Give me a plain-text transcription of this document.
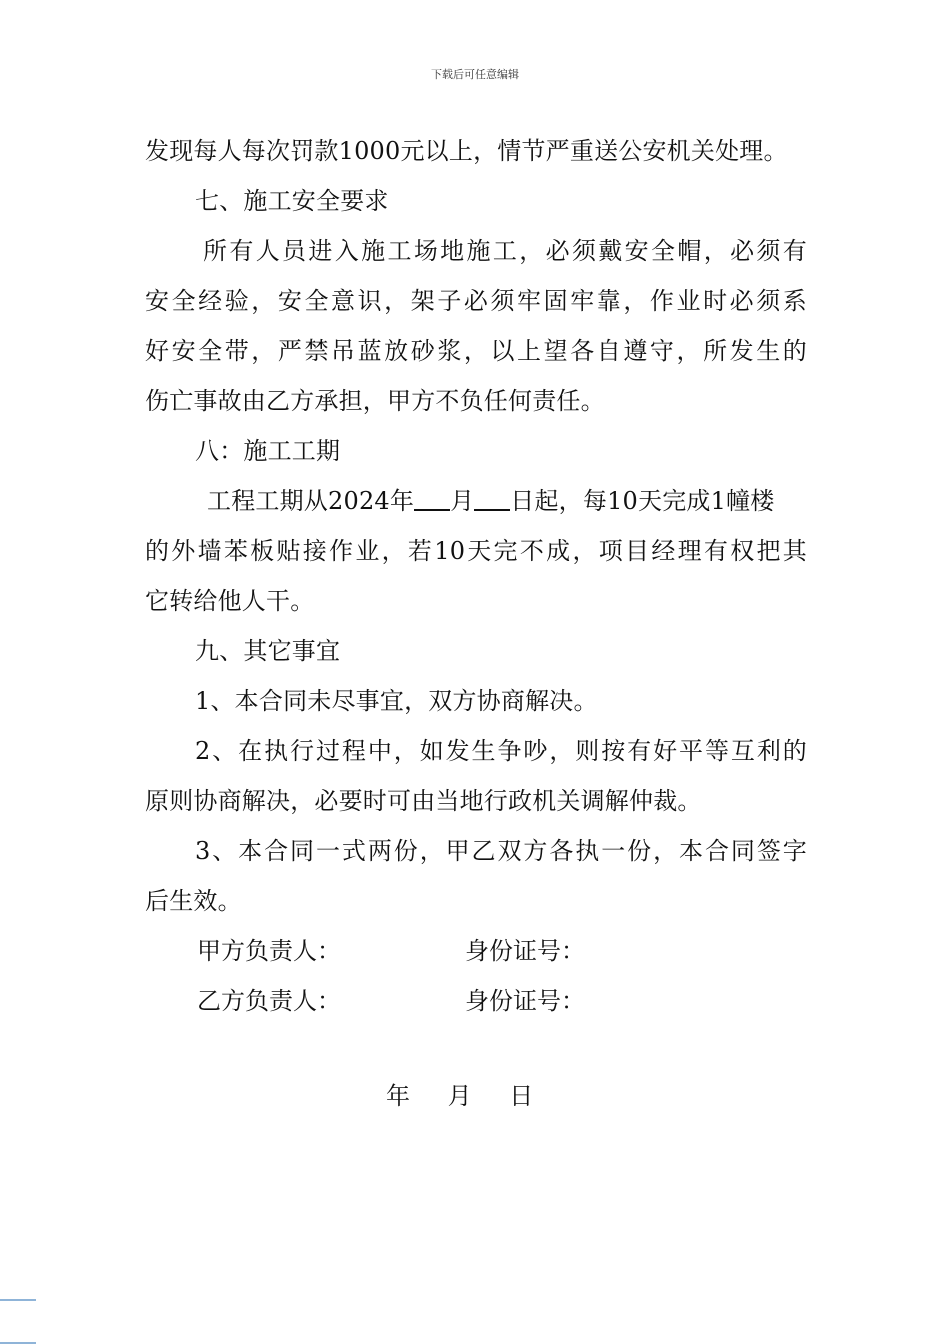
下载后可任意编辑
发现每人每次罚款1000元以上，情节严重送公安机关处理。
七、施工安全要求
所有人员进入施工场地施工，必须戴安全帽，必须有
安全经验，安全意识，架子必须牢固牢靠，作业时必须系
好安全带，严禁吊蓝放砂浆，以上望各自遵守，所发生的
伤亡事故由乙方承担，甲方不负任何责任。
八：施工工期
工程工期从2024年 月 日起，每10天完成1幢楼
的外墙苯板贴接作业，若10天完不成，项目经理有权把其
它转给他人干。
九、其它事宜
1、本合同未尽事宜，双方协商解决。
2、在执行过程中，如发生争吵，则按有好平等互利的
原则协商解决，必要时可由当地行政机关调解仲裁。
3、本合同一式两份，甲乙双方各执一份，本合同签字
后生效。
甲方负责人：	身份证号：
乙方负责人：	身份证号：
年 月 日
